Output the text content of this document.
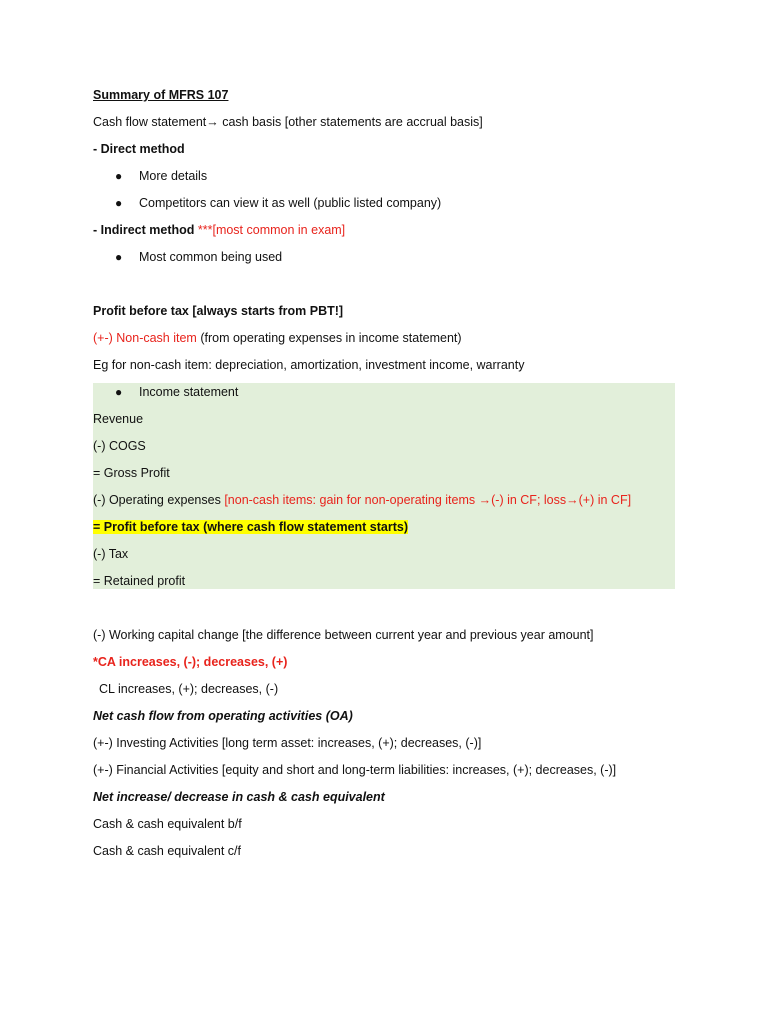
Summary of MFRS 107
Cash flow statement→ cash basis [other statements are accrual basis]
- Direct method
● More details
● Competitors can view it as well (public listed company)
- Indirect method ***[most common in exam]
● Most common being used
Profit before tax [always starts from PBT!]
(+-) Non-cash item (from operating expenses in income statement)
Eg for non-cash item: depreciation, amortization, investment income, warranty
● Income statement
Revenue
(-) COGS
= Gross Profit
(-) Operating expenses [non-cash items: gain for non-operating items →(-) in CF; loss→(+) in CF]
= Profit before tax (where cash flow statement starts)
(-) Tax
= Retained profit
(-) Working capital change [the difference between current year and previous year amount]
*CA increases, (-); decreases, (+)
CL increases, (+); decreases, (-)
Net cash flow from operating activities (OA)
(+-) Investing Activities [long term asset: increases, (+); decreases, (-)]
(+-) Financial Activities [equity and short and long-term liabilities: increases, (+); decreases, (-)]
Net increase/ decrease in cash & cash equivalent
Cash & cash equivalent b/f
Cash & cash equivalent c/f
